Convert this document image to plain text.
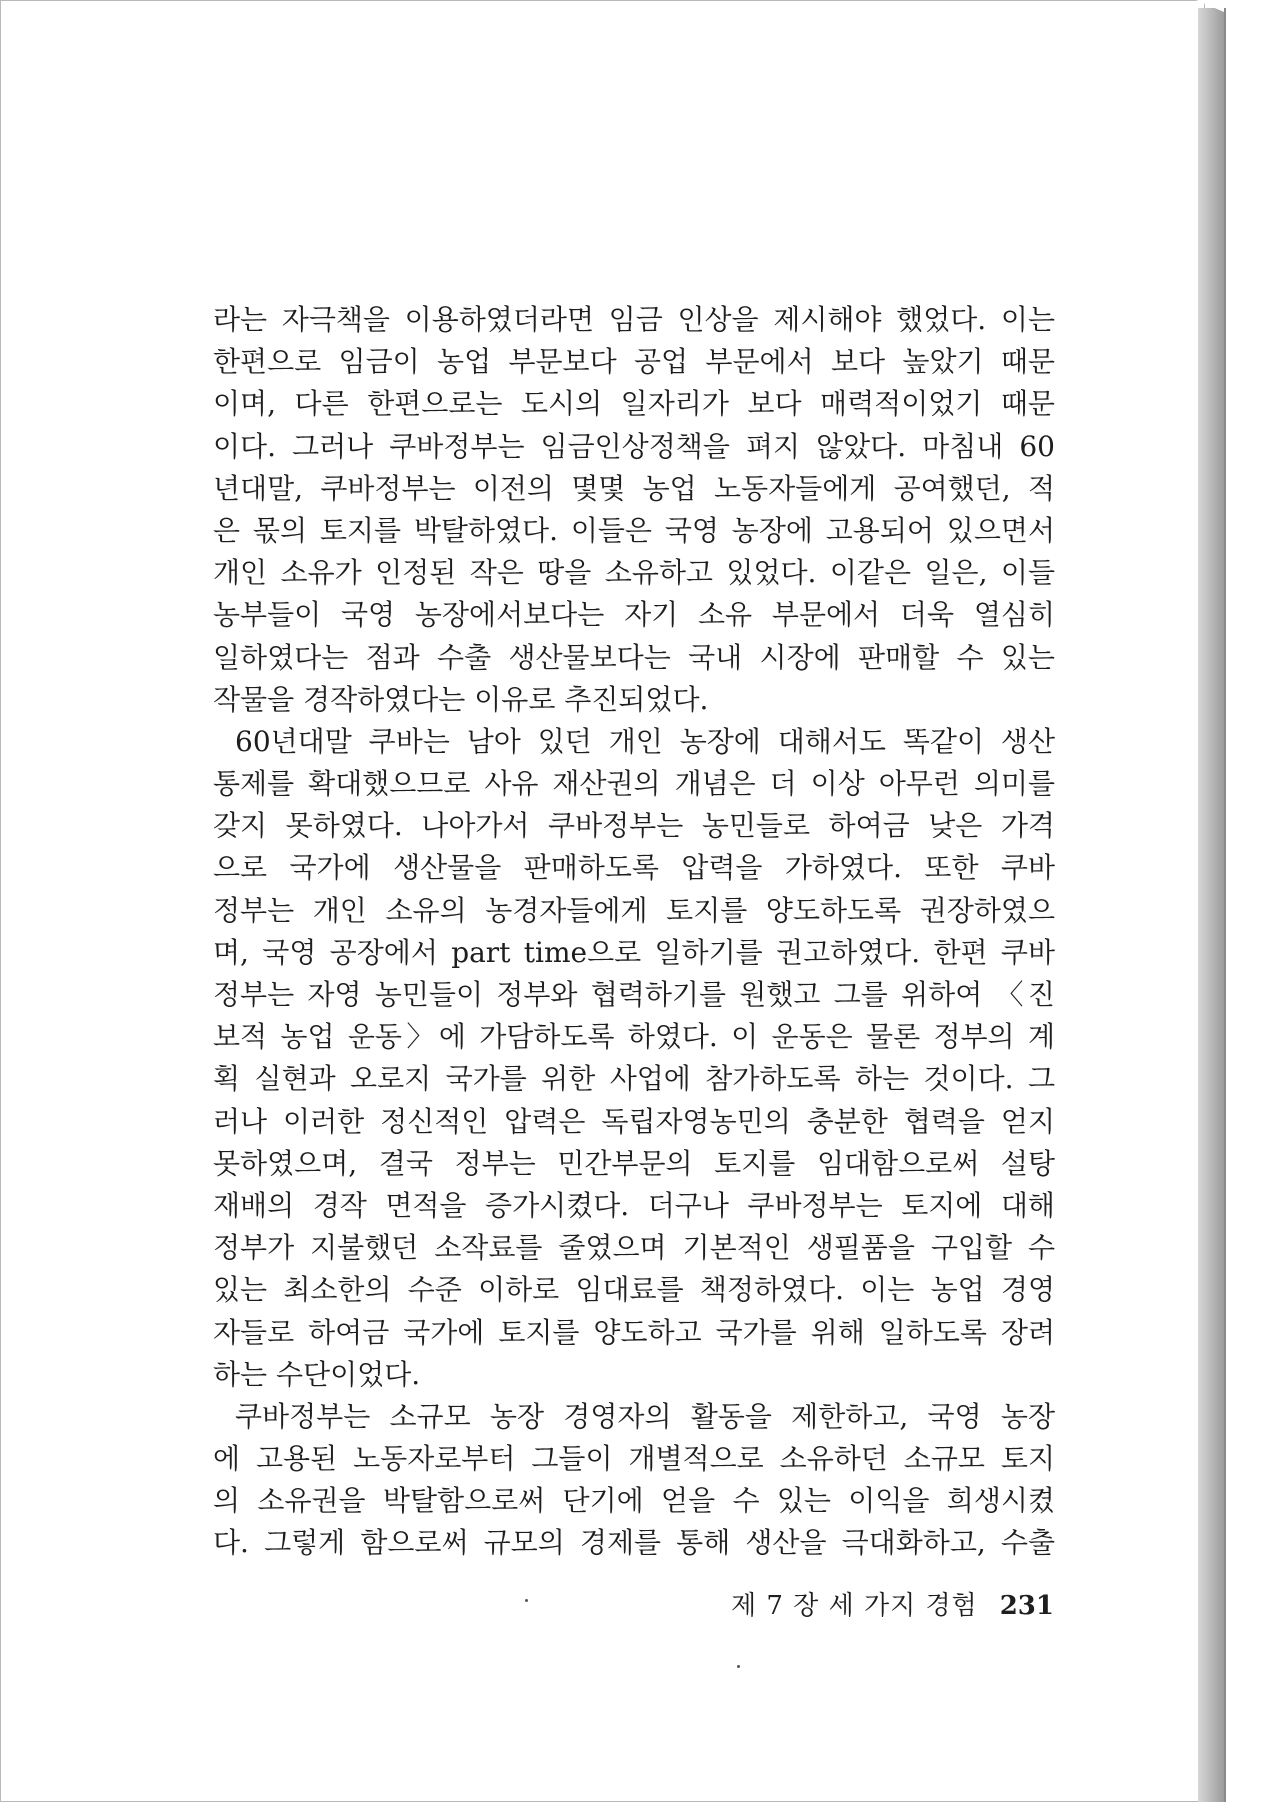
라는 자극책을 이용하였더라면 임금 인상을 제시해야 했었다. 이는
한편으로 임금이 농업 부문보다 공업 부문에서 보다 높았기 때문
이며, 다른 한편으로는 도시의 일자리가 보다 매력적이었기 때문
이다. 그러나 쿠바정부는 임금인상정책을 펴지 않았다. 마침내 60
년대말, 쿠바정부는 이전의 몇몇 농업 노동자들에게 공여했던, 적
은 몫의 토지를 박탈하였다. 이들은 국영 농장에 고용되어 있으면서
개인 소유가 인정된 작은 땅을 소유하고 있었다. 이같은 일은, 이들
농부들이 국영 농장에서보다는 자기 소유 부문에서 더욱 열심히
일하였다는 점과 수출 생산물보다는 국내 시장에 판매할 수 있는
작물을 경작하였다는 이유로 추진되었다.
60년대말 쿠바는 남아 있던 개인 농장에 대해서도 똑같이 생산
통제를 확대했으므로 사유 재산권의 개념은 더 이상 아무런 의미를
갖지 못하였다. 나아가서 쿠바정부는 농민들로 하여금 낮은 가격
으로 국가에 생산물을 판매하도록 압력을 가하였다. 또한 쿠바
정부는 개인 소유의 농경자들에게 토지를 양도하도록 권장하였으
며, 국영 공장에서 part time으로 일하기를 권고하였다. 한편 쿠바
정부는 자영 농민들이 정부와 협력하기를 원했고 그를 위하여 〈진
보적 농업 운동〉에 가담하도록 하였다. 이 운동은 물론 정부의 계
획 실현과 오로지 국가를 위한 사업에 참가하도록 하는 것이다. 그
러나 이러한 정신적인 압력은 독립자영농민의 충분한 협력을 얻지
못하였으며, 결국 정부는 민간부문의 토지를 임대함으로써 설탕
재배의 경작 면적을 증가시켰다. 더구나 쿠바정부는 토지에 대해
정부가 지불했던 소작료를 줄였으며 기본적인 생필품을 구입할 수
있는 최소한의 수준 이하로 임대료를 책정하였다. 이는 농업 경영
자들로 하여금 국가에 토지를 양도하고 국가를 위해 일하도록 장려
하는 수단이었다.
쿠바정부는 소규모 농장 경영자의 활동을 제한하고, 국영 농장
에 고용된 노동자로부터 그들이 개별적으로 소유하던 소규모 토지
의 소유권을 박탈함으로써 단기에 얻을 수 있는 이익을 희생시켰
다. 그렇게 함으로써 규모의 경제를 통해 생산을 극대화하고, 수출
제 7 장 세 가지 경험 231
